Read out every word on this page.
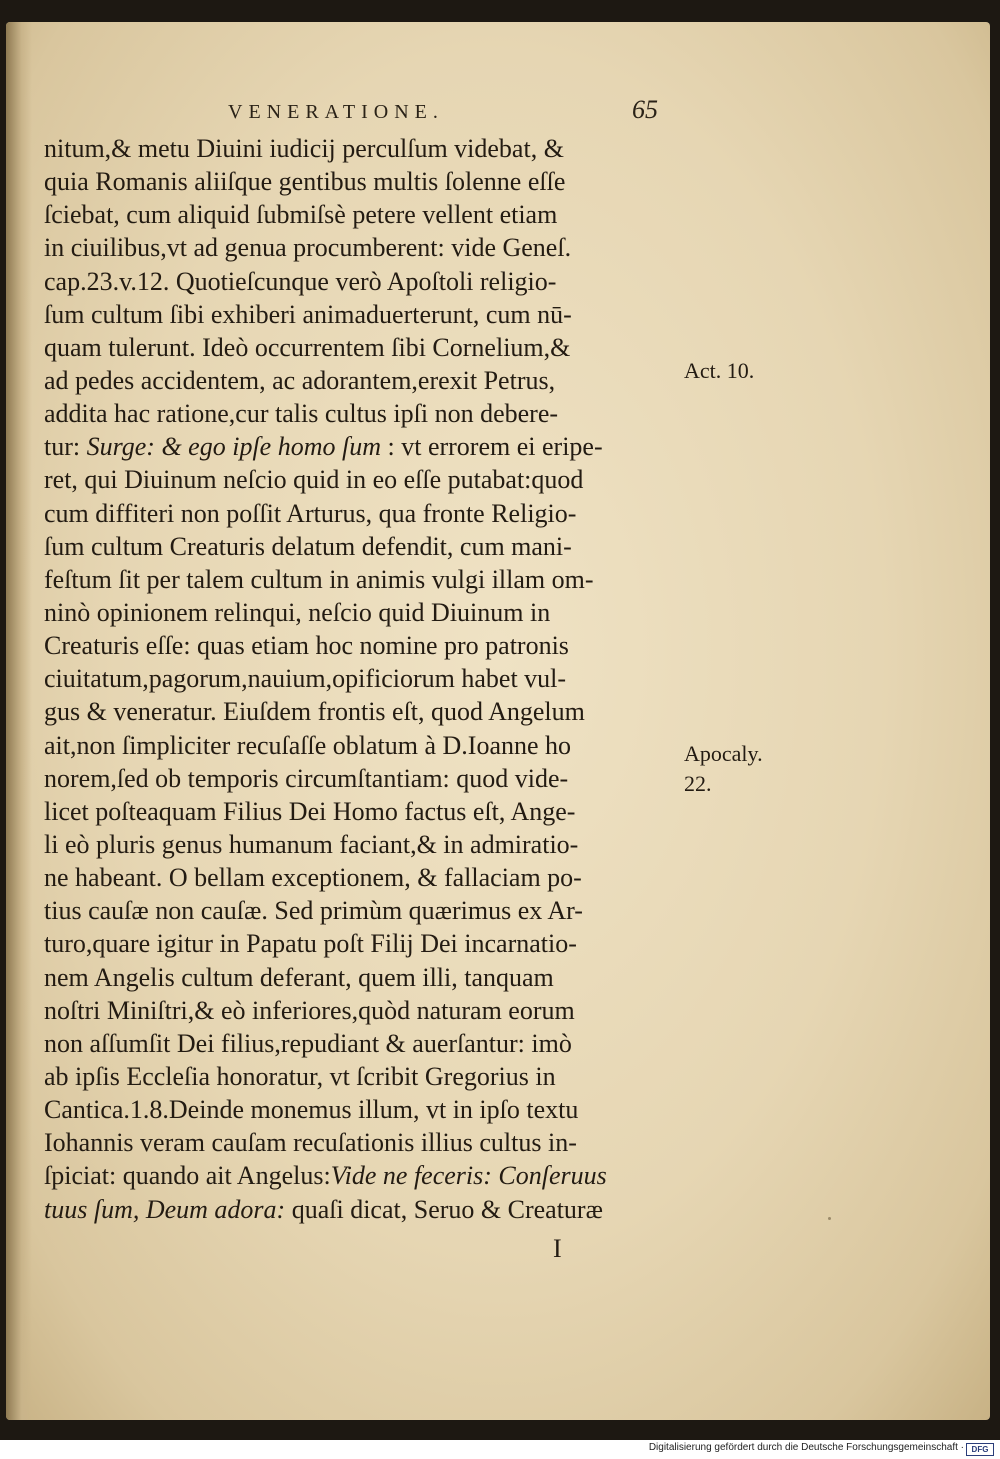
VENERATIONE.	65
nitum,& metu Diuini iudicij perculſum videbat, &
quia Romanis aliiſque gentibus multis ſolenne eſſe
ſciebat, cum aliquid ſubmiſsè petere vellent etiam
in ciuilibus,vt ad genua procumberent: vide Geneſ.
cap.23.v.12. Quotieſcunque verò Apoſtoli religio-
ſum cultum ſibi exhiberi animaduerterunt, cum nū-
quam tulerunt. Ideò occurrentem ſibi Cornelium,&
ad pedes accidentem, ac adorantem,erexit Petrus,
addita hac ratione,cur talis cultus ipſi non debere-
tur: Surge: & ego ipſe homo ſum : vt errorem ei eripe-
ret, qui Diuinum neſcio quid in eo eſſe putabat:quod
cum diffiteri non poſſit Arturus, qua fronte Religio-
ſum cultum Creaturis delatum defendit, cum mani-
feſtum ſit per talem cultum in animis vulgi illam om-
ninò opinionem relinqui, neſcio quid Diuinum in
Creaturis eſſe: quas etiam hoc nomine pro patronis
ciuitatum,pagorum,nauium,opificiorum habet vul-
gus & veneratur. Eiuſdem frontis eſt, quod Angelum
ait,non ſimpliciter recuſaſſe oblatum à D.Ioanne ho
norem,ſed ob temporis circumſtantiam: quod vide-
licet poſteaquam Filius Dei Homo factus eſt, Ange-
li eò pluris genus humanum faciant,& in admiratio-
ne habeant. O bellam exceptionem, & fallaciam po-
tius cauſæ non cauſæ. Sed primùm quærimus ex Ar-
turo,quare igitur in Papatu poſt Filij Dei incarnatio-
nem Angelis cultum deferant, quem illi, tanquam
noſtri Miniſtri,& eò inferiores,quòd naturam eorum
non aſſumſit Dei filius,repudiant & auerſantur: imò
ab ipſis Eccleſia honoratur, vt ſcribit Gregorius in
Cantica.1.8.Deinde monemus illum, vt in ipſo textu
Iohannis veram cauſam recuſationis illius cultus in-
ſpiciat: quando ait Angelus:Vide ne feceris: Conſeruus
tuus ſum, Deum adora: quaſi dicat, Seruo & Creaturæ
Act. 10.
Apocaly.
22.
I
Digitalisierung gefördert durch die Deutsche Forschungsgemeinschaft · DFG
